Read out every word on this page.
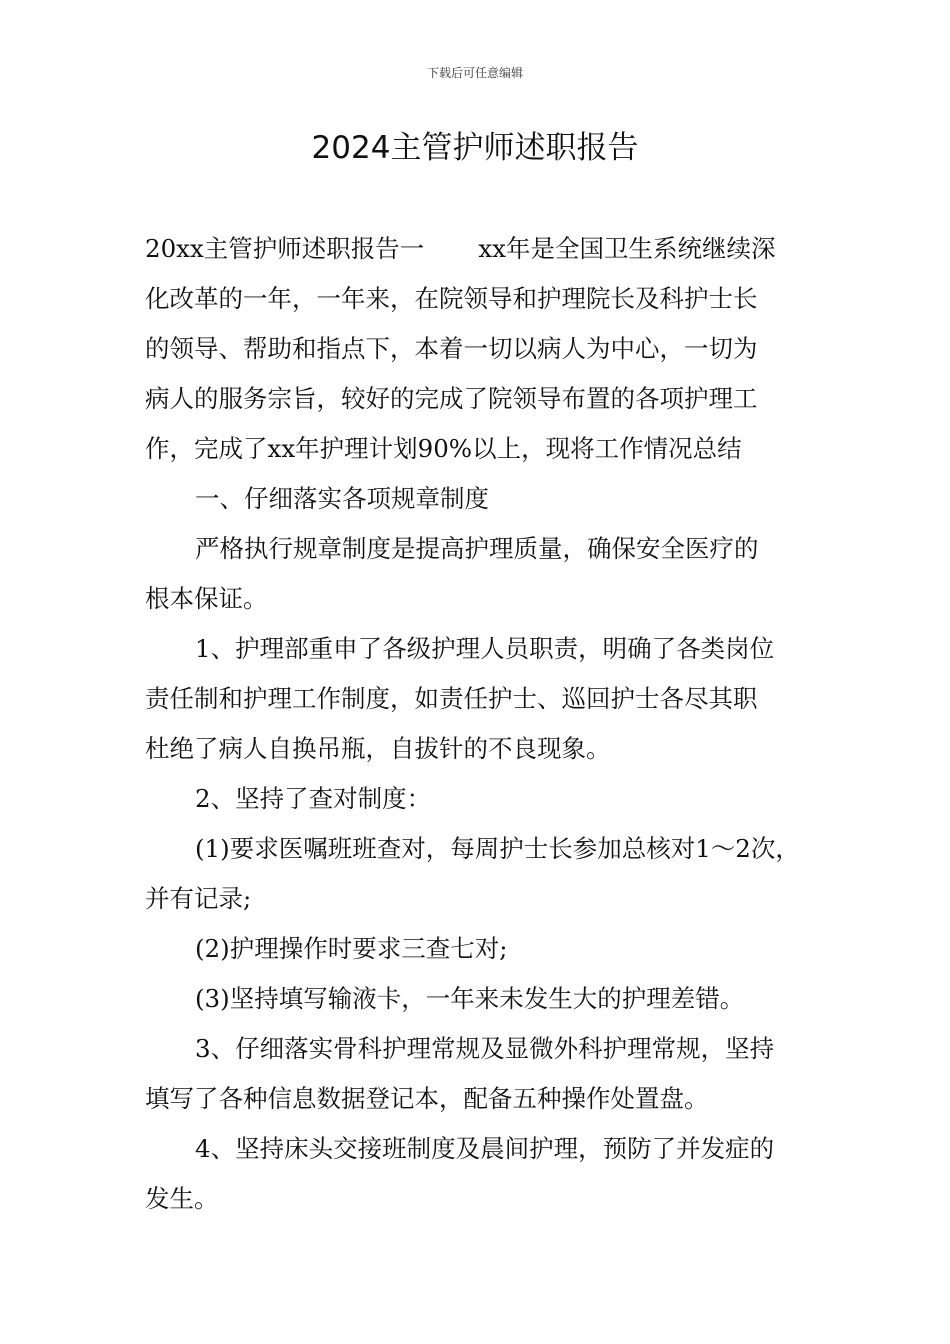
下载后可任意编辑
2024主管护师述职报告
20xx主管护师述职报告一 xx年是全国卫生系统继续深
化改革的一年，一年来，在院领导和护理院长及科护士长
的领导、帮助和指点下，本着一切以病人为中心，一切为
病人的服务宗旨，较好的完成了院领导布置的各项护理工
作，完成了xx年护理计划90%以上，现将工作情况总结
一、仔细落实各项规章制度
严格执行规章制度是提高护理质量，确保安全医疗的
根本保证。
1、护理部重申了各级护理人员职责，明确了各类岗位
责任制和护理工作制度，如责任护士、巡回护士各尽其职
杜绝了病人自换吊瓶，自拔针的不良现象。
2、坚持了查对制度：
(1)要求医嘱班班查对，每周护士长参加总核对1～2次，
并有记录;
(2)护理操作时要求三查七对;
(3)坚持填写输液卡，一年来未发生大的护理差错。
3、仔细落实骨科护理常规及显微外科护理常规，坚持
填写了各种信息数据登记本，配备五种操作处置盘。
4、坚持床头交接班制度及晨间护理，预防了并发症的
发生。
